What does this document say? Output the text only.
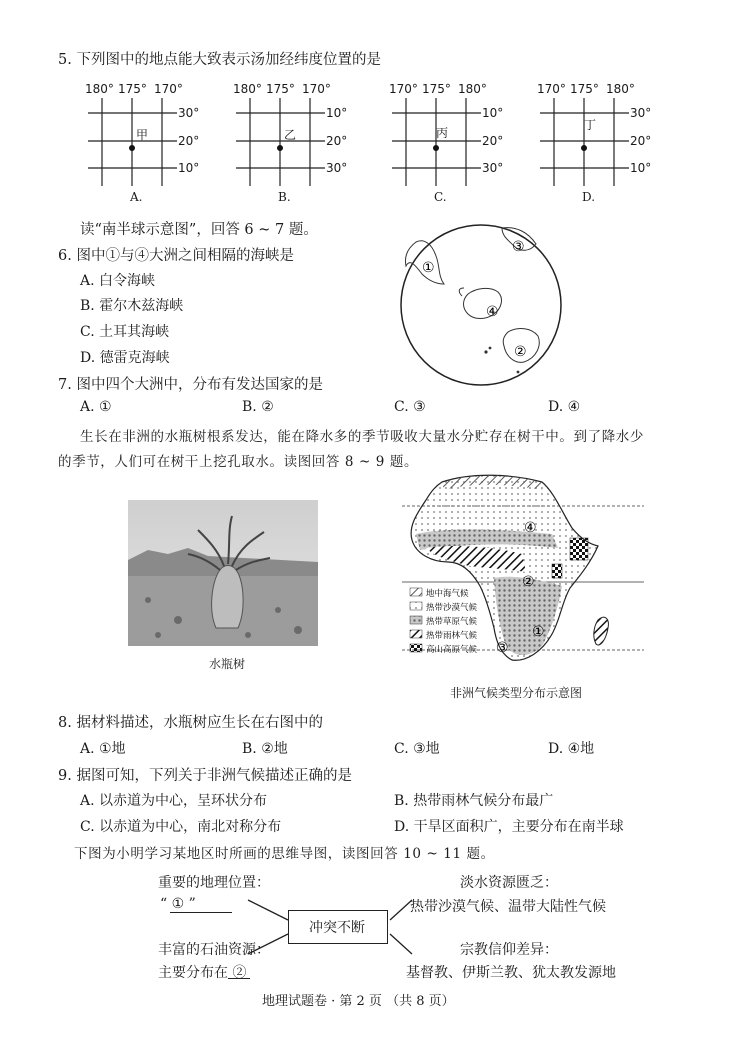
5. 下列图中的地点能大致表示汤加经纬度位置的是
180° 175° 170°
甲
30°
20°
10°
A.
180° 175° 170°
乙
10°
20°
30°
B.
170° 175° 180°
丙
10°
20°
30°
C.
170° 175° 180°
丁
30°
20°
10°
D.
读“南半球示意图”，回答 6 ~ 7 题。
6. 图中①与④大洲之间相隔的海峡是
A. 白令海峡
B. 霍尔木兹海峡
C. 土耳其海峡
D. 德雷克海峡
①
②
③
④
7. 图中四个大洲中，分布有发达国家的是
A. ①	B. ②	C. ③	D. ④
生长在非洲的水瓶树根系发达，能在降水多的季节吸收大量水分贮存在树干中。到了降水少
的季节，人们可在树干上挖孔取水。读图回答 8 ~ 9 题。
水瓶树
④
②
①
③
地中海气候
热带沙漠气候
热带草原气候
热带雨林气候
高山高原气候
非洲气候类型分布示意图
8. 据材料描述，水瓶树应生长在右图中的
A. ①地	B. ②地	C. ③地	D. ④地
9. 据图可知，下列关于非洲气候描述正确的是
A. 以赤道为中心，呈环状分布	B. 热带雨林气候分布最广
C. 以赤道为中心，南北对称分布	D. 干旱区面积广，主要分布在南半球
下图为小明学习某地区时所画的思维导图，读图回答 10 ~ 11 题。
重要的地理位置：
“ ① ”
丰富的石油资源：
主要分布在 ②
淡水资源匮乏：
热带沙漠气候、温带大陆性气候
宗教信仰差异：
基督教、伊斯兰教、犹太教发源地
冲突不断
地理试题卷 · 第 2 页 （共 8 页）
